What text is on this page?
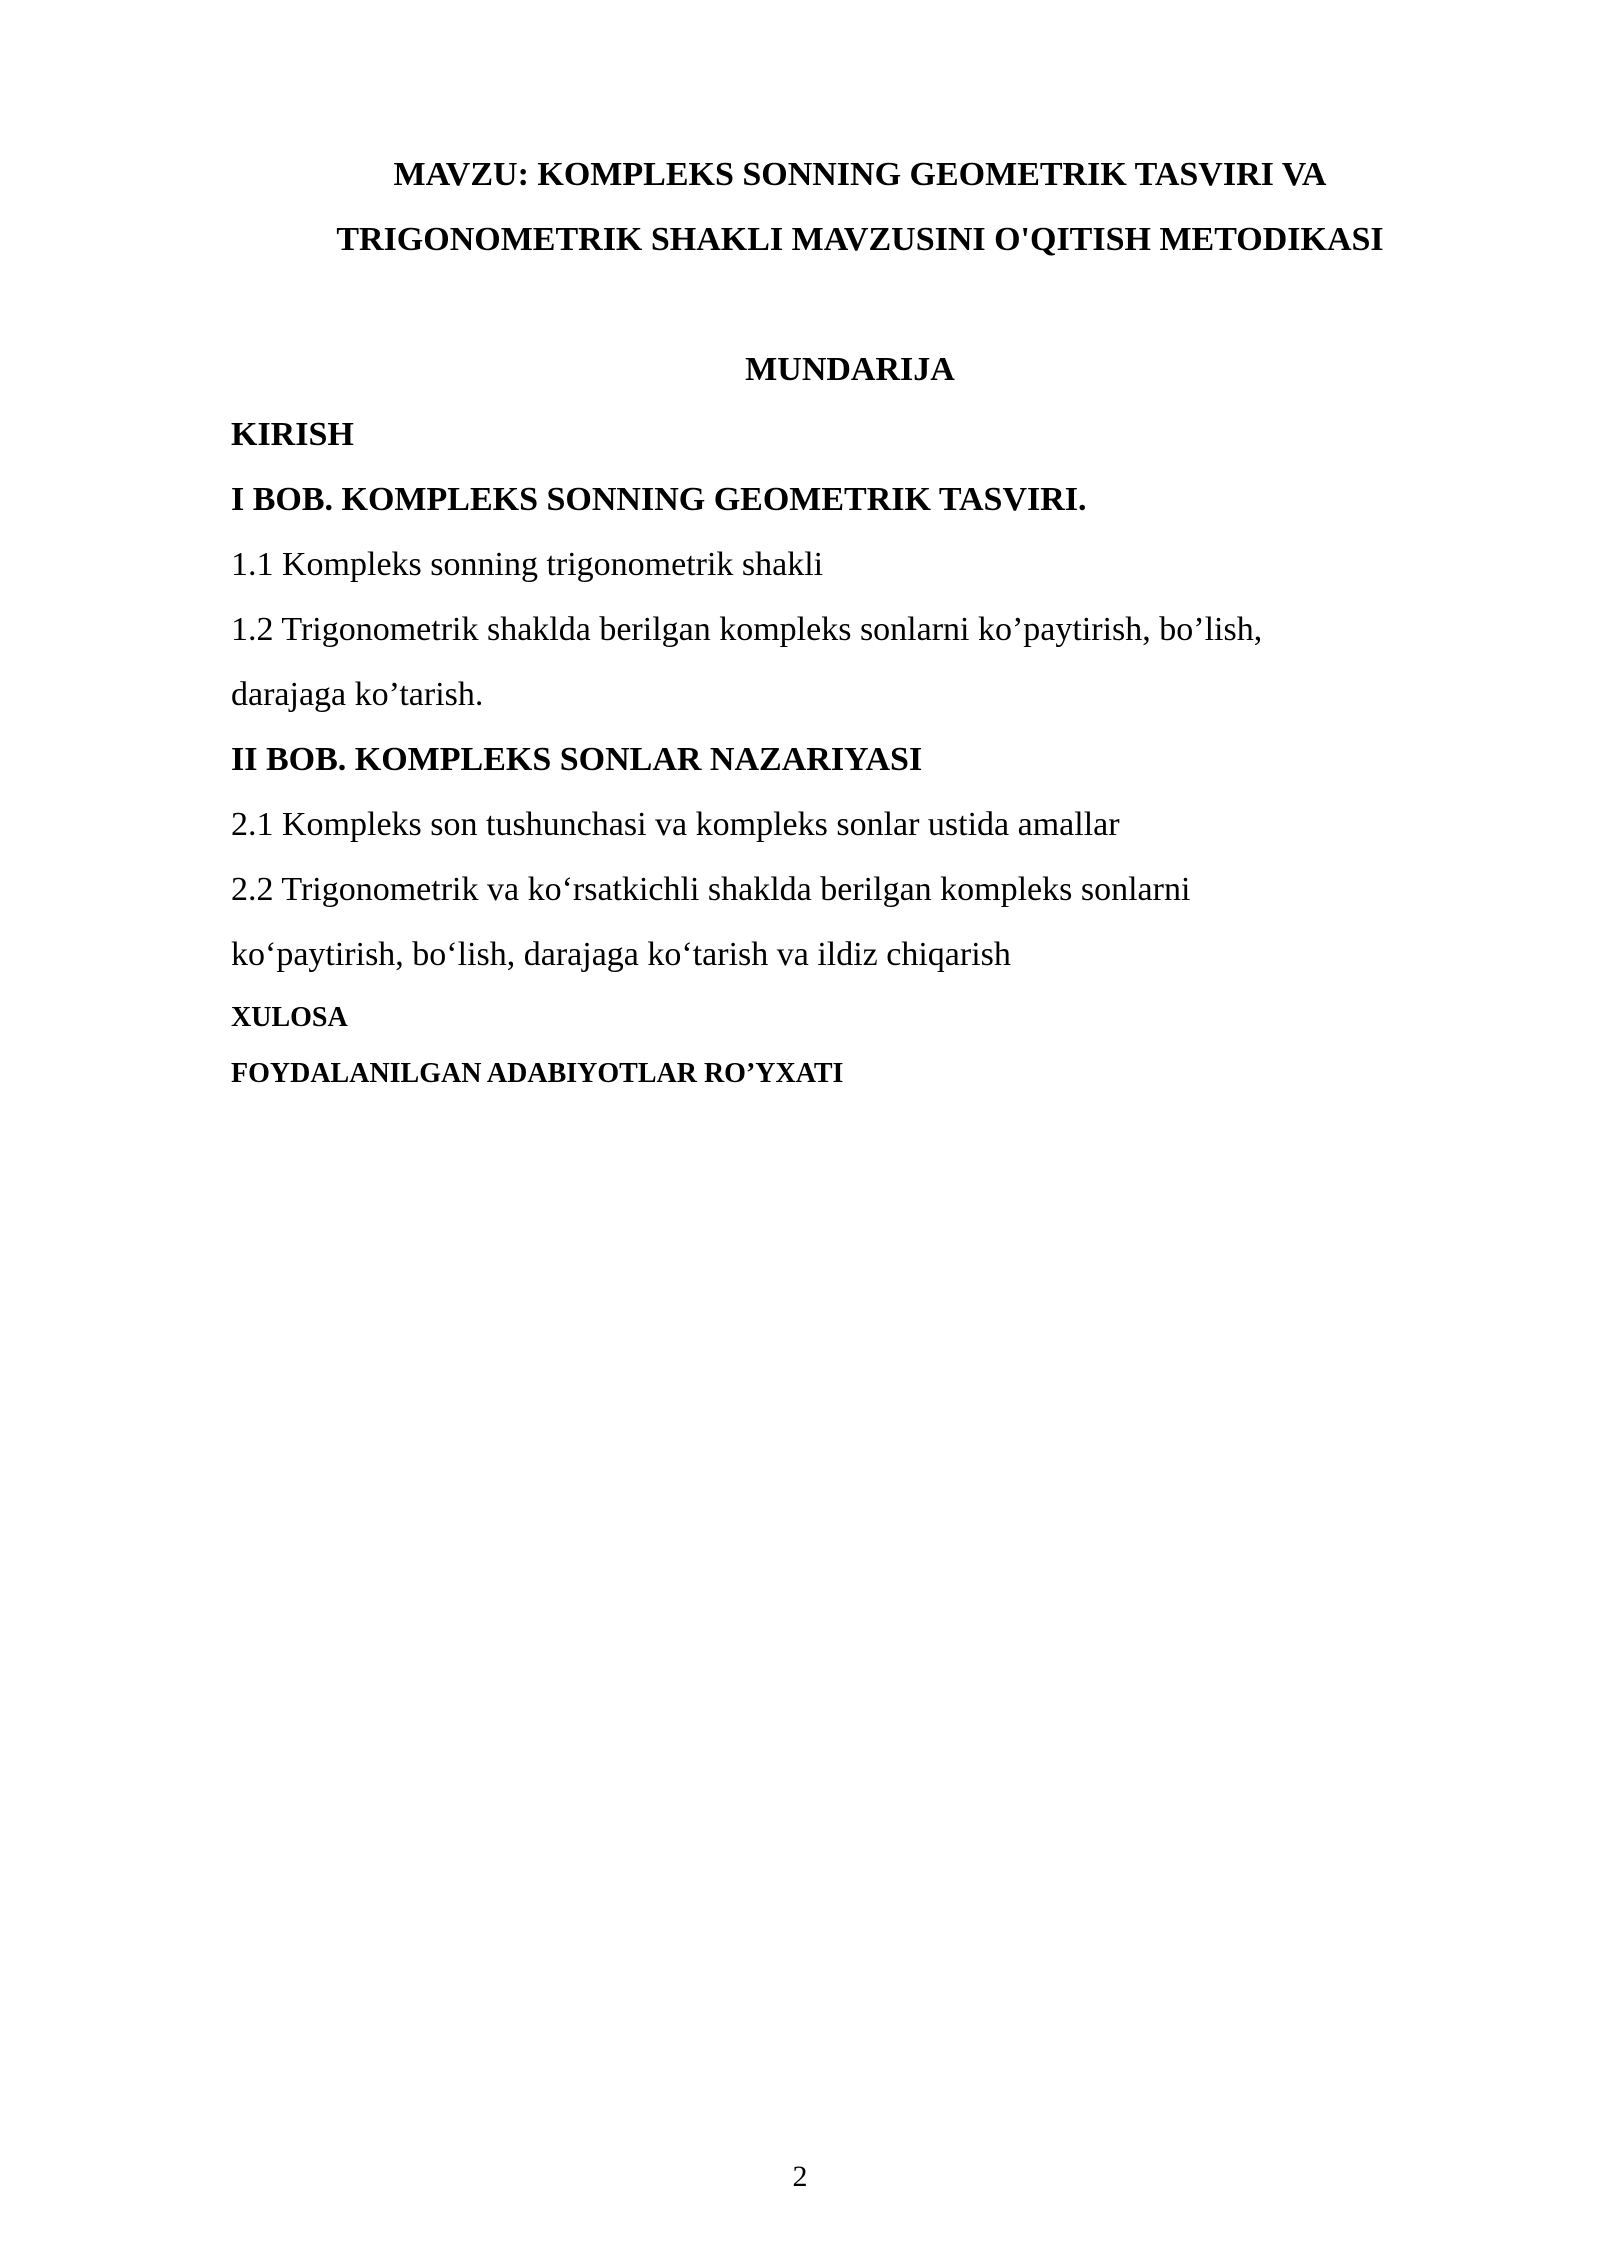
MAVZU: KOMPLEKS SONNING GEOMETRIK TASVIRI VA
TRIGONOMETRIK SHAKLI MAVZUSINI O'QITISH METODIKASI
MUNDARIJA
KIRISH
I BOB. KOMPLEKS SONNING GEOMETRIK TASVIRI.
1.1 Kompleks sonning trigonometrik shakli
1.2 Trigonometrik shaklda berilgan kompleks sonlarni ko’paytirish, bo’lish,
darajaga ko’tarish.
II BOB. KOMPLEKS SONLAR NAZARIYASI
2.1 Kompleks son tushunchasi va kompleks sonlar ustida amallar
2.2 Trigonometrik va ko‘rsatkichli shaklda berilgan kompleks sonlarni
ko‘paytirish, bo‘lish, darajaga ko‘tarish va ildiz chiqarish
XULOSA
FOYDALANILGAN ADABIYOTLAR RO’YXATI
2
